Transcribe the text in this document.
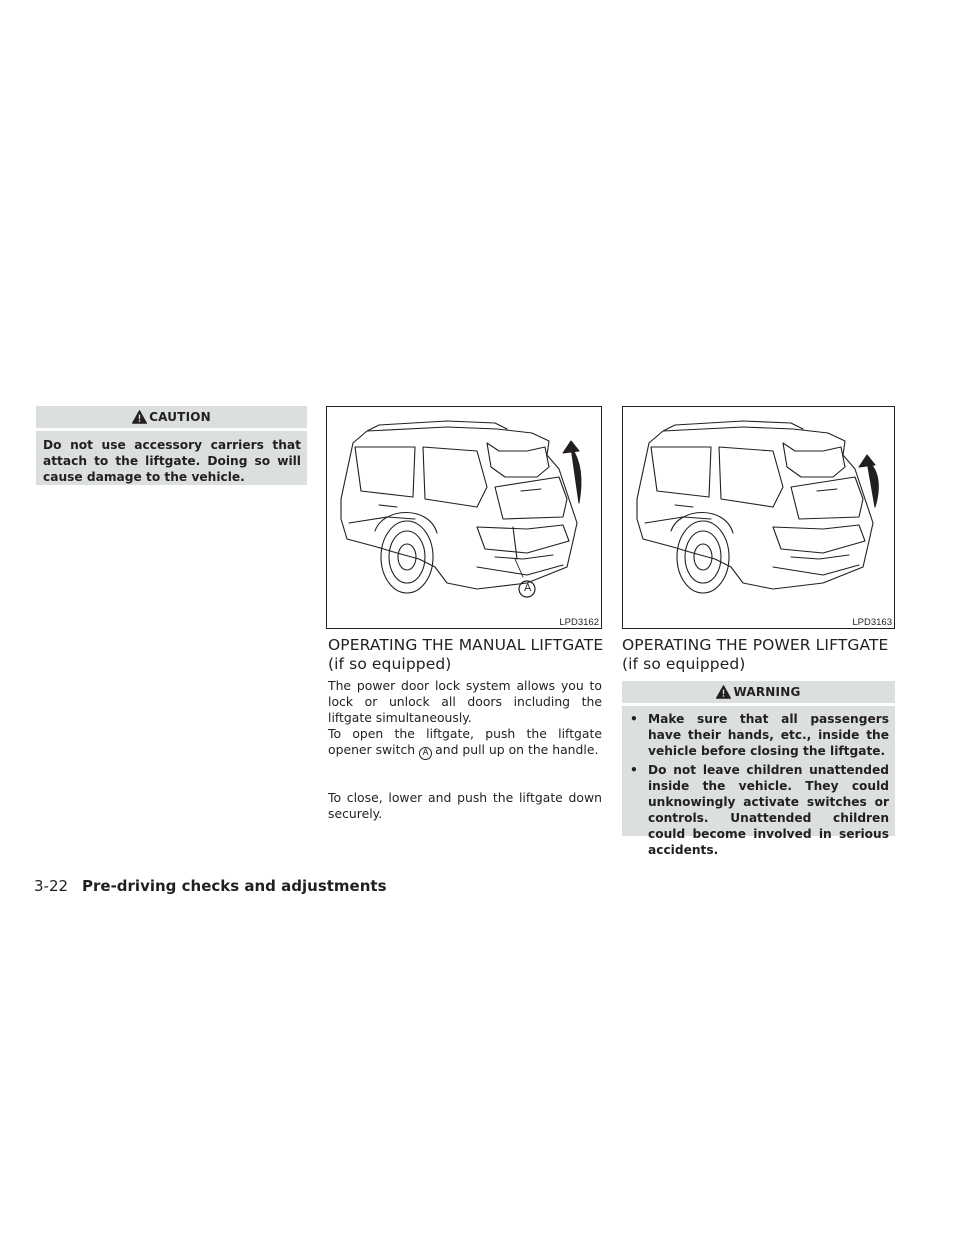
CAUTION

Do not use accessory carriers that attach to the liftgate. Doing so will cause damage to the vehicle.

A
LPD3162	LPD3163
OPERATING THE MANUAL LIFTGATE (if so equipped)

The power door lock system allows you to lock or unlock all doors including the liftgate simultaneously.

To open the liftgate, push the liftgate opener switch A and pull up on the handle.

To close, lower and push the liftgate down securely.

OPERATING THE POWER LIFTGATE (if so equipped)
WARNING
• Make sure that all passengers have their hands, etc., inside the vehicle before closing the liftgate.
• Do not leave children unattended inside the vehicle. They could unknowingly activate switches or controls. Unattended children could become involved in serious accidents.
3-22 Pre-driving checks and adjustments
